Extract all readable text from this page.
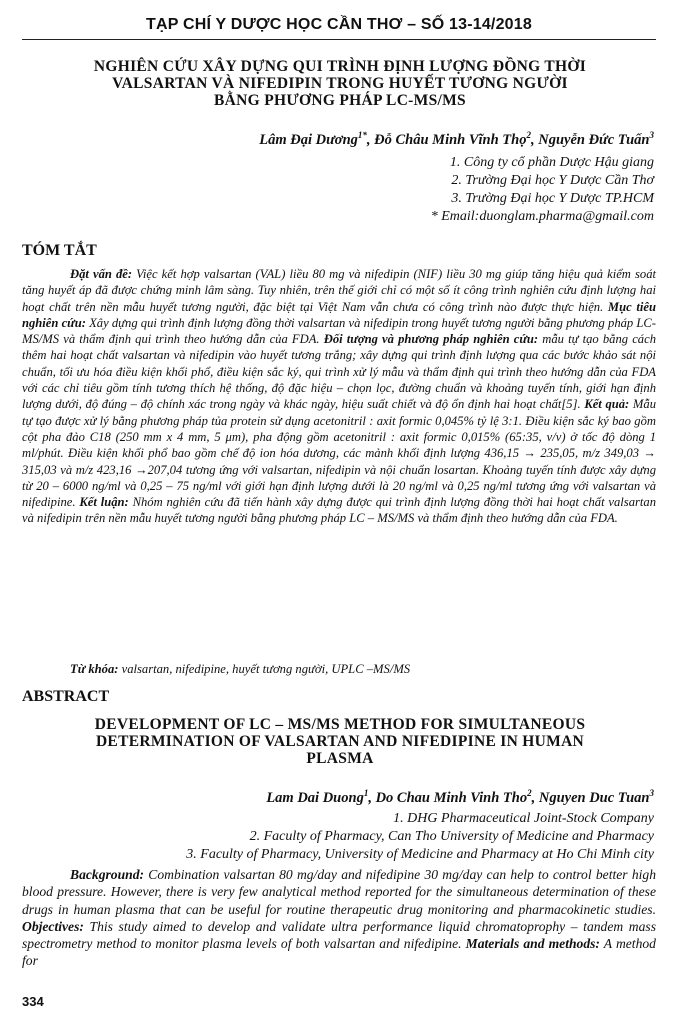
TẠP CHÍ Y DƯỢC HỌC CẦN THƠ – SỐ 13-14/2018
NGHIÊN CỨU XÂY DỰNG QUI TRÌNH ĐỊNH LƯỢNG ĐỒNG THỜI
VALSARTAN VÀ NIFEDIPIN TRONG HUYẾT TƯƠNG NGƯỜI
BẰNG PHƯƠNG PHÁP LC-MS/MS
Lâm Đại Dương$^{1*}$, Đỗ Châu Minh Vĩnh Thọ$^2$, Nguyễn Đức Tuấn$^3$
1. Công ty cổ phần Dược Hậu giang
2. Trường Đại học Y Dược Cần Thơ
3. Trường Đại học Y Dược TP.HCM
* Email:duonglam.pharma@gmail.com
TÓM TẮT
Đặt vấn đề: Việc kết hợp valsartan (VAL) liều 80 mg và nifedipin (NIF) liều 30 mg giúp tăng hiệu quả kiểm soát tăng huyết áp đã được chứng minh lâm sàng. Tuy nhiên, trên thế giới chỉ có một số ít công trình nghiên cứu định lượng hai hoạt chất trên nền mẫu huyết tương người, đặc biệt tại Việt Nam vẫn chưa có công trình nào được thực hiện. Mục tiêu nghiên cứu: Xây dựng qui trình định lượng đồng thời valsartan và nifedipin trong huyết tương người bằng phương pháp LC-MS/MS và thẩm định qui trình theo hướng dẫn của FDA. Đối tượng và phương pháp nghiên cứu: mẫu tự tạo bằng cách thêm hai hoạt chất valsartan và nifedipin vào huyết tương trắng; xây dựng qui trình định lượng qua các bước khảo sát nội chuẩn, tối ưu hóa điều kiện khối phổ, điều kiện sắc ký, qui trình xử lý mẫu và thẩm định qui trình theo hướng dẫn của FDA với các chỉ tiêu gồm tính tương thích hệ thống, độ đặc hiệu – chọn lọc, đường chuẩn và khoảng tuyến tính, giới hạn định lượng dưới, độ đúng – độ chính xác trong ngày và khác ngày, hiệu suất chiết và độ ổn định hai hoạt chất[5]. Kết quả: Mẫu tự tạo được xử lý bằng phương pháp tủa protein sử dụng acetonitril : axit formic 0,045% tỷ lệ 3:1. Điều kiện sắc ký bao gồm cột pha đảo C18 (250 mm x 4 mm, 5 μm), pha động gồm acetonitril : axit formic 0,015% (65:35, v/v) ở tốc độ dòng 1 ml/phút. Điều kiện khối phổ bao gồm chế độ ion hóa dương, các mảnh khối định lượng 436,15 → 235,05, m/z 349,03 → 315,03 và m/z 423,16 →207,04 tương ứng với valsartan, nifedipin và nội chuẩn losartan. Khoảng tuyến tính được xây dựng từ 20 – 6000 ng/ml và 0,25 – 75 ng/ml với giới hạn định lượng dưới là 20 ng/ml và 0,25 ng/ml tương ứng với valsartan và nifedipine. Kết luận: Nhóm nghiên cứu đã tiến hành xây dựng được qui trình định lượng đồng thời hai hoạt chất valsartan và nifedipin trên nền mẫu huyết tương người bằng phương pháp LC – MS/MS và thẩm định theo hướng dẫn của FDA.
Từ khóa: valsartan, nifedipine, huyết tương người, UPLC –MS/MS
ABSTRACT
DEVELOPMENT OF LC – MS/MS METHOD FOR SIMULTANEOUS
DETERMINATION OF VALSARTAN AND NIFEDIPINE IN HUMAN
PLASMA
Lam Dai Duong$^1$, Do Chau Minh Vinh Tho$^2$, Nguyen Duc Tuan$^3$
1. DHG Pharmaceutical Joint-Stock Company
2. Faculty of Pharmacy, Can Tho University of Medicine and Pharmacy
3. Faculty of Pharmacy, University of Medicine and Pharmacy at Ho Chi Minh city
Background: Combination valsartan 80 mg/day and nifedipine 30 mg/day can help to control better high blood pressure. However, there is very few analytical method reported for the simultaneous determination of these drugs in human plasma that can be useful for routine therapeutic drug monitoring and pharmacokinetic studies. Objectives: This study aimed to develop and validate ultra performance liquid chromatoprophy – tandem mass spectrometry method to monitor plasma levels of both valsartan and nifedipine. Materials and methods: A method for
334
